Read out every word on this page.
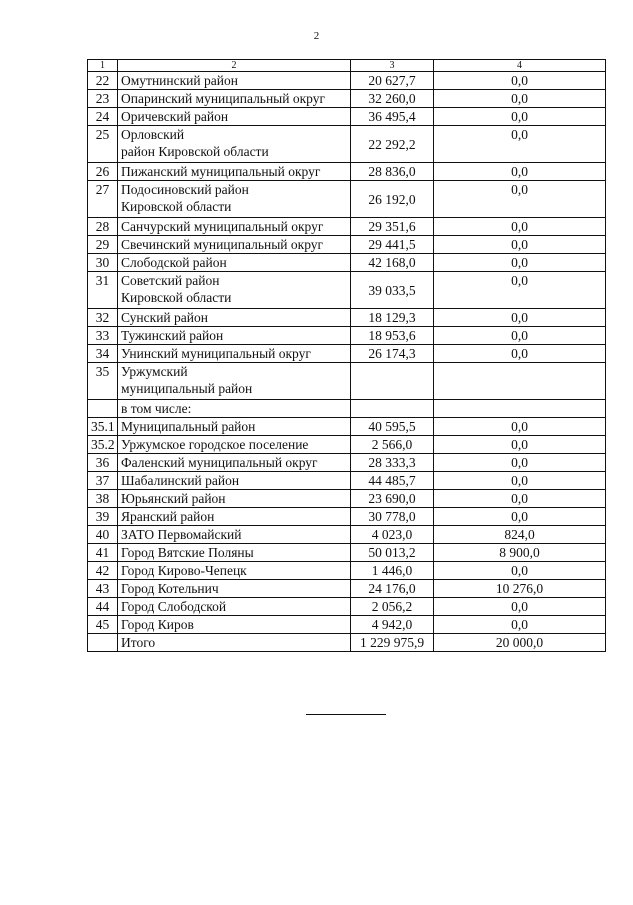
2
1	2	3	4
22	Омутнинский район	20 627,7	0,0
23	Опаринский муниципальный округ	32 260,0	0,0
24	Оричевский район	36 495,4	0,0
25	Орловский
район Кировской области	22 292,2	0,0
26	Пижанский муниципальный округ	28 836,0	0,0
27	Подосиновский район
Кировской области	26 192,0	0,0
28	Санчурский муниципальный округ	29 351,6	0,0
29	Свечинский муниципальный округ	29 441,5	0,0
30	Слободской район	42 168,0	0,0
31	Советский район
Кировской области	39 033,5	0,0
32	Сунский район	18 129,3	0,0
33	Тужинский район	18 953,6	0,0
34	Унинский муниципальный округ	26 174,3	0,0
35	Уржумский
муниципальный район		

	в том числе:		

35.1	Муниципальный район	40 595,5	0,0
35.2	Уржумское городское поселение	2 566,0	0,0
36	Фаленский муниципальный округ	28 333,3	0,0
37	Шабалинский район	44 485,7	0,0
38	Юрьянский район	23 690,0	0,0
39	Яранский район	30 778,0	0,0
40	ЗАТО Первомайский	4 023,0	824,0
41	Город Вятские Поляны	50 013,2	8 900,0
42	Город Кирово-Чепецк	1 446,0	0,0
43	Город Котельнич	24 176,0	10 276,0
44	Город Слободской	2 056,2	0,0
45	Город Киров	4 942,0	0,0

	Итого	1 229 975,9	20 000,0
